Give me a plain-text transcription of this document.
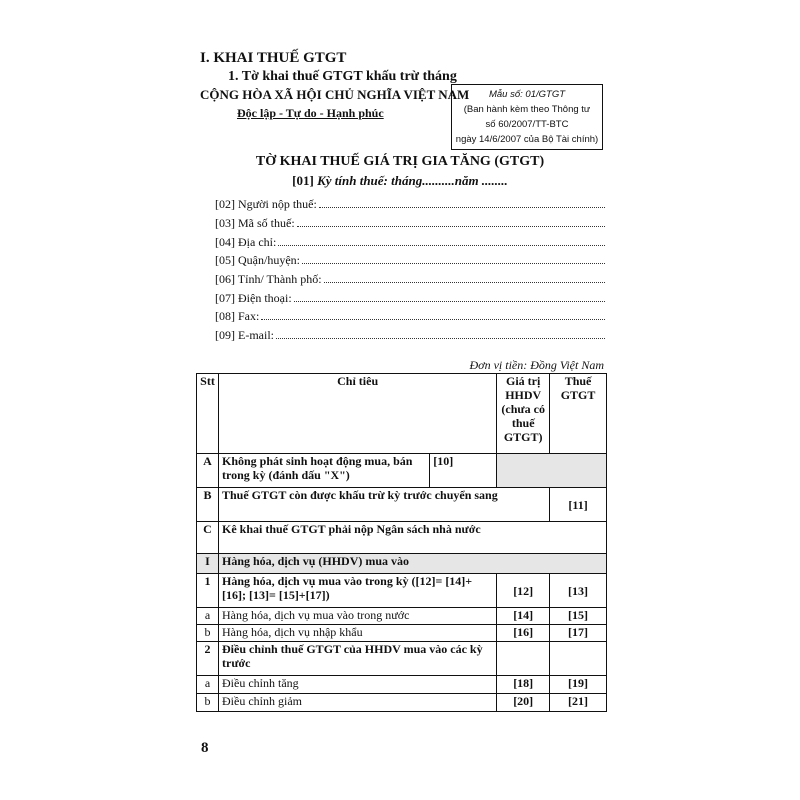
I. KHAI THUẾ GTGT
1. Tờ khai thuế GTGT khấu trừ tháng
CỘNG HÒA XÃ HỘI CHỦ NGHĨA VIỆT NAM
Độc lập - Tự do - Hạnh phúc
Mẫu số: 01/GTGT
(Ban hành kèm theo Thông tư
số 60/2007/TT-BTC
ngày 14/6/2007 của Bộ Tài chính)
TỜ KHAI THUẾ GIÁ TRỊ GIA TĂNG (GTGT)
[01] Kỳ tính thuế: tháng..........năm ........
[02] Người nộp thuế:
[03] Mã số thuế:
[04] Địa chỉ:
[05] Quận/huyện:
[06] Tỉnh/ Thành phố:
[07] Điện thoại:
[08] Fax:
[09] E-mail:
Đơn vị tiền: Đồng Việt Nam
Stt	Chỉ tiêu		Giá trị HHDV (chưa có thuế GTGT)	Thuế GTGT
A	Không phát sinh hoạt động mua, bán trong kỳ (đánh dấu "X")	[10]		
B	Thuế GTGT còn được khấu trừ kỳ trước chuyển sang			[11]
C	Kê khai thuế GTGT phải nộp Ngân sách nhà nước			
I	Hàng hóa, dịch vụ (HHDV) mua vào			
1	Hàng hóa, dịch vụ mua vào trong kỳ ([12]= [14]+[16]; [13]= [15]+[17])		[12]	[13]
a	Hàng hóa, dịch vụ mua vào trong nước		[14]	[15]
b	Hàng hóa, dịch vụ nhập khẩu		[16]	[17]
2	Điều chỉnh thuế GTGT của HHDV mua vào các kỳ trước			
a	Điều chỉnh tăng		[18]	[19]
b	Điều chỉnh giảm		[20]	[21]
8
